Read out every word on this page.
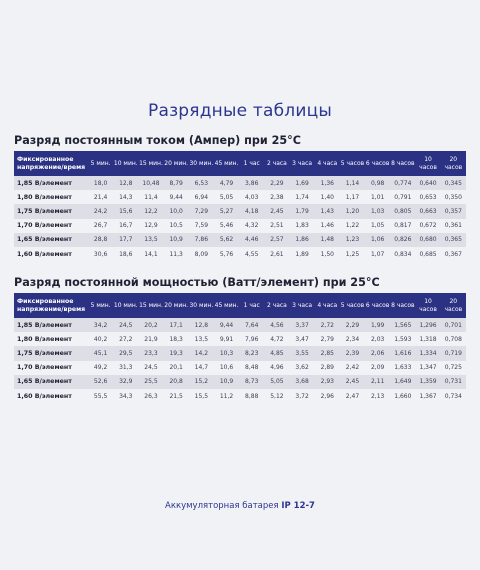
Разрядные таблицы
Разряд постоянным током (Ампер) при 25°C
Фиксированное напряжение/время	5 мин.	10 мин.	15 мин.	20 мин.	30 мин.	45 мин.	1 час	2 часа	3 часа	4 часа	5 часов	6 часов	8 часов	10 часов	20 часов
1,85 В/элемент	18,0	12,8	10,48	8,79	6,53	4,79	3,86	2,29	1,69	1,36	1,14	0,98	0,774	0,640	0,345
1,80 В/элемент	21,4	14,3	11,4	9,44	6,94	5,05	4,03	2,38	1,74	1,40	1,17	1,01	0,791	0,653	0,350
1,75 В/элемент	24,2	15,6	12,2	10,0	7,29	5,27	4,18	2,45	1,79	1,43	1,20	1,03	0,805	0,663	0,357
1,70 В/элемент	26,7	16,7	12,9	10,5	7,59	5,46	4,32	2,51	1,83	1,46	1,22	1,05	0,817	0,672	0,361
1,65 В/элемент	28,8	17,7	13,5	10,9	7,86	5,62	4,46	2,57	1,86	1,48	1,23	1,06	0,826	0,680	0,365
1,60 В/элемент	30,6	18,6	14,1	11,3	8,09	5,76	4,55	2,61	1,89	1,50	1,25	1,07	0,834	0,685	0,367
Разряд постоянной мощностью (Ватт/элемент) при 25°C
Фиксированное напряжение/время	5 мин.	10 мин.	15 мин.	20 мин.	30 мин.	45 мин.	1 час	2 часа	3 часа	4 часа	5 часов	6 часов	8 часов	10 часов	20 часов
1,85 В/элемент	34,2	24,5	20,2	17,1	12,8	9,44	7,64	4,56	3,37	2,72	2,29	1,99	1,565	1,296	0,701
1,80 В/элемент	40,2	27,2	21,9	18,3	13,5	9,91	7,96	4,72	3,47	2,79	2,34	2,03	1,593	1,318	0,708
1,75 В/элемент	45,1	29,5	23,3	19,3	14,2	10,3	8,23	4,85	3,55	2,85	2,39	2,06	1,616	1,334	0,719
1,70 В/элемент	49,2	31,3	24,5	20,1	14,7	10,6	8,48	4,96	3,62	2,89	2,42	2,09	1,633	1,347	0,725
1,65 В/элемент	52,6	32,9	25,5	20,8	15,2	10,9	8,73	5,05	3,68	2,93	2,45	2,11	1,649	1,359	0,731
1,60 В/элемент	55,5	34,3	26,3	21,5	15,5	11,2	8,88	5,12	3,72	2,96	2,47	2,13	1,660	1,367	0,734
Аккумуляторная батарея IP 12-7
